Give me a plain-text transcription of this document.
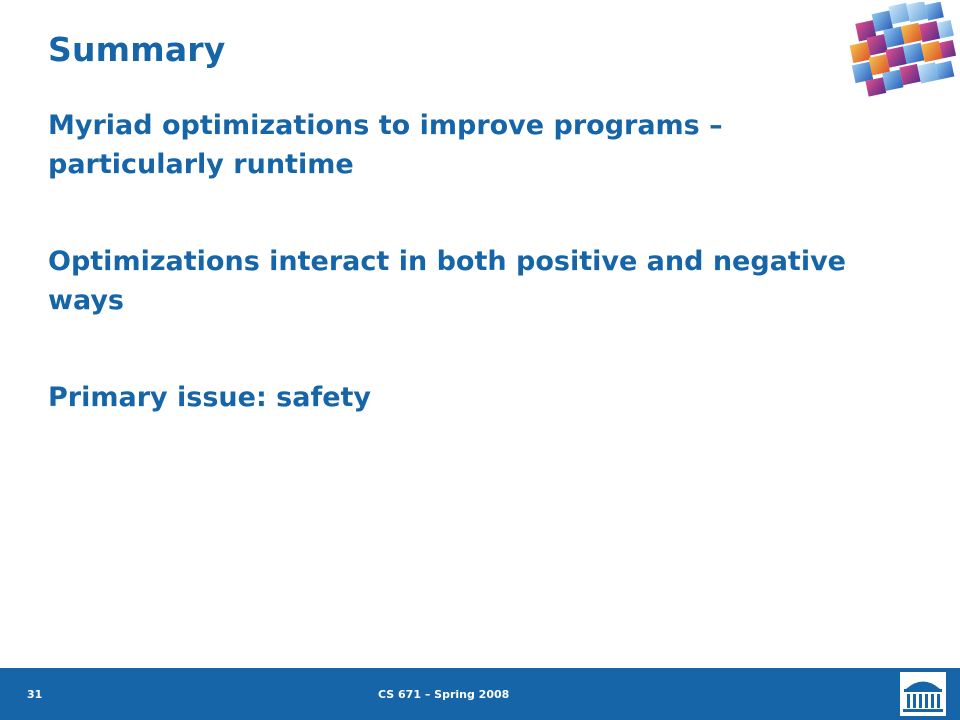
Summary
Myriad optimizations to improve programs – particularly runtime
Optimizations interact in both positive and negative ways
Primary issue: safety
31	CS 671 – Spring 2008
